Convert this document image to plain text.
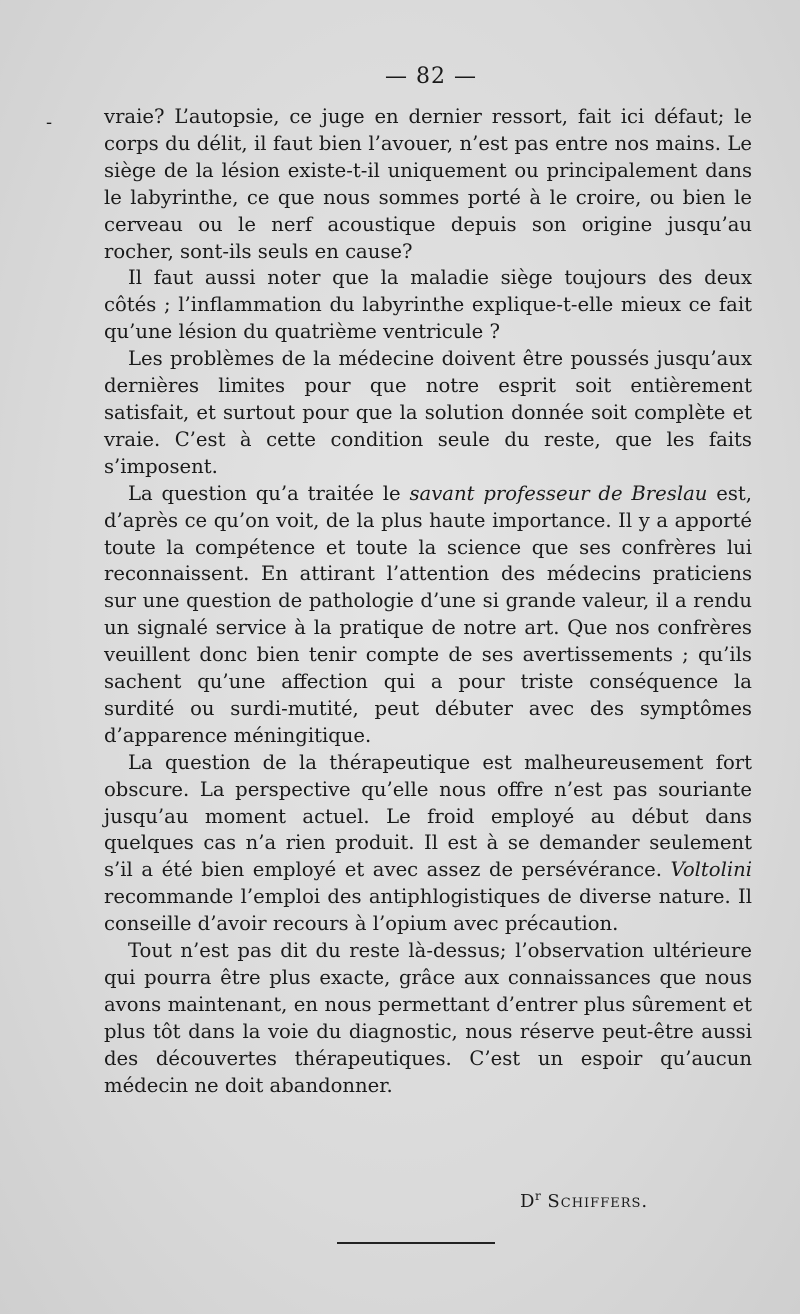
-
— 82 —

vraie? L’autopsie, ce juge en dernier ressort, fait ici défaut; le corps du délit, il faut bien l’avouer, n’est pas entre nos mains. Le siège de la lésion existe-t-il uniquement ou principalement dans le labyrinthe, ce que nous sommes porté à le croire, ou bien le cerveau ou le nerf acoustique depuis son origine jusqu’au rocher, sont-ils seuls en cause?

Il faut aussi noter que la maladie siège toujours des deux côtés ; l’inflammation du labyrinthe explique-t-elle mieux ce fait qu’une lésion du quatrième ventricule ?

Les problèmes de la médecine doivent être poussés jusqu’aux dernières limites pour que notre esprit soit entièrement satisfait, et surtout pour que la solution donnée soit complète et vraie. C’est à cette condition seule du reste, que les faits s’imposent.

La question qu’a traitée le savant professeur de Breslau est, d’après ce qu’on voit, de la plus haute importance. Il y a apporté toute la compétence et toute la science que ses confrères lui reconnaissent. En attirant l’attention des médecins praticiens sur une question de pathologie d’une si grande valeur, il a rendu un signalé service à la pratique de notre art. Que nos confrères veuillent donc bien tenir compte de ses avertissements ; qu’ils sachent qu’une affection qui a pour triste conséquence la surdité ou surdi-mutité, peut débuter avec des symptômes d’apparence méningitique.

La question de la thérapeutique est malheureusement fort obscure. La perspective qu’elle nous offre n’est pas souriante jusqu’au moment actuel. Le froid employé au début dans quelques cas n’a rien produit. Il est à se demander seulement s’il a été bien employé et avec assez de persévérance. Voltolini recommande l’emploi des antiphlogistiques de diverse nature. Il conseille d’avoir recours à l’opium avec précaution.

Tout n’est pas dit du reste là-dessus; l’observation ultérieure qui pourra être plus exacte, grâce aux connaissances que nous avons maintenant, en nous permettant d’entrer plus sûrement et plus tôt dans la voie du diagnostic, nous réserve peut-être aussi des découvertes thérapeutiques. C’est un espoir qu’aucun médecin ne doit abandonner.

$D^r$ Schiffers.
